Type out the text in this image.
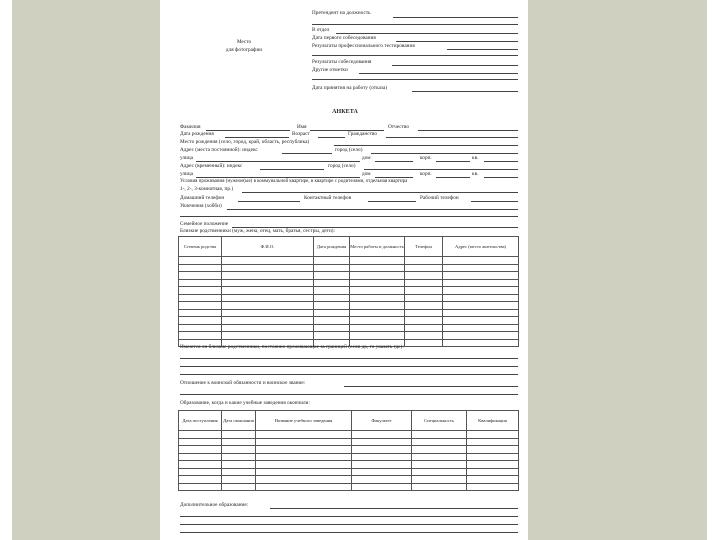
Место
для фотографии
Претендент на должность
В отдел
Дата первого собеседования
Результаты профессионального тестирования
Результаты собеседования
Другие отметки
Дата принятия на работу (отказа)
АНКЕТА
Фамилия	Имя	Отчество
Дата рождения	Возраст	Гражданство
Место рождения (село, город, край, область, республика)
Адрес (места постоянной): индекс	город (село)
улица	дом	корп.	кв.
Адрес (временный): индекс	город (село)
улица	дом	корп.	кв.
Условия проживания (нужное(ые) в коммунальной квартире, в квартире с родителями, отдельная квартира
1-, 2-, 3-комнатная, пр.)
Домашний телефон	Контактный телефон	Рабочий телефон
Увлечения (хобби)
Семейное положение
Близкие родственники (муж, жена, отец, мать, братья, сестры, дети):
Степень родства	Ф.И.О.	Дата рождения	Место работы и должность	Телефон	Адрес (место жительства)

Имеются ли близкие родственники, постоянно проживающие за границей (если да, то указать где):
Отношение к воинской обязанности и воинское звание:
Образование, когда и какие учебные заведения окончили:
Дата поступления	Дата окончания	Название учебного заведения	Факультет	Специальность	Квалификация

Дополнительное образование:
